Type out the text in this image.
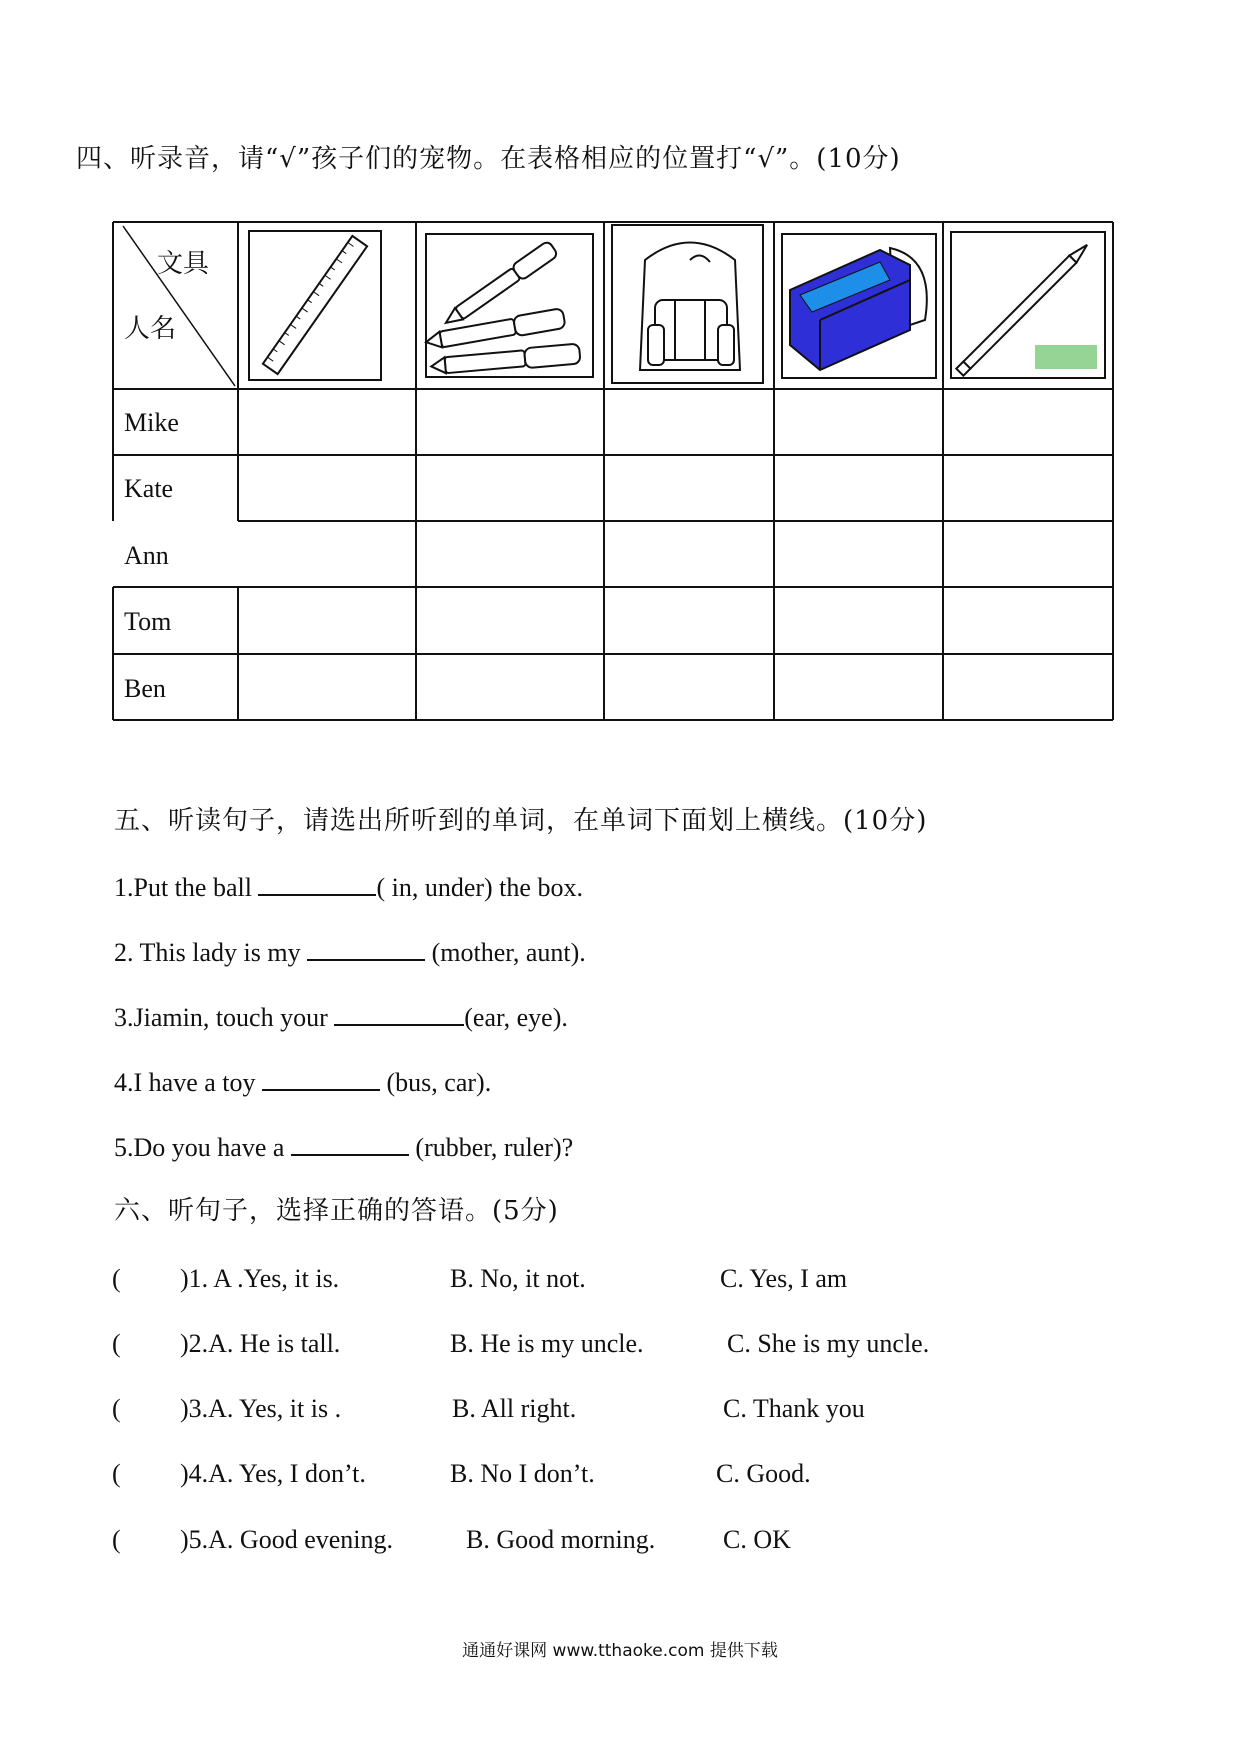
四、听录音，请“√”孩子们的宠物。在表格相应的位置打“√”。(10分)
文具
人名
Mike
Kate
Ann
Tom
Ben
五、听读句子，请选出所听到的单词，在单词下面划上横线。(10分)
1.Put the ball	( in, under) the box.
2. This lady is my	(mother, aunt).
3.Jiamin, touch your	(ear, eye).
4.I have a toy	(bus, car).
5.Do you have a	(rubber, ruler)?
六、听句子，选择正确的答语。(5分)
( )1. A .Yes, it is.	B. No, it not.	C. Yes, I am
( )2.A. He is tall.	B. He is my uncle.	C. She is my uncle.
( )3.A. Yes, it is .	B. All right.	C. Thank you
( )4.A. Yes, I don’t.	B. No I don’t.	C. Good.
( )5.A. Good evening.	B. Good morning.	C. OK
通通好课网 www.tthaoke.com 提供下载
